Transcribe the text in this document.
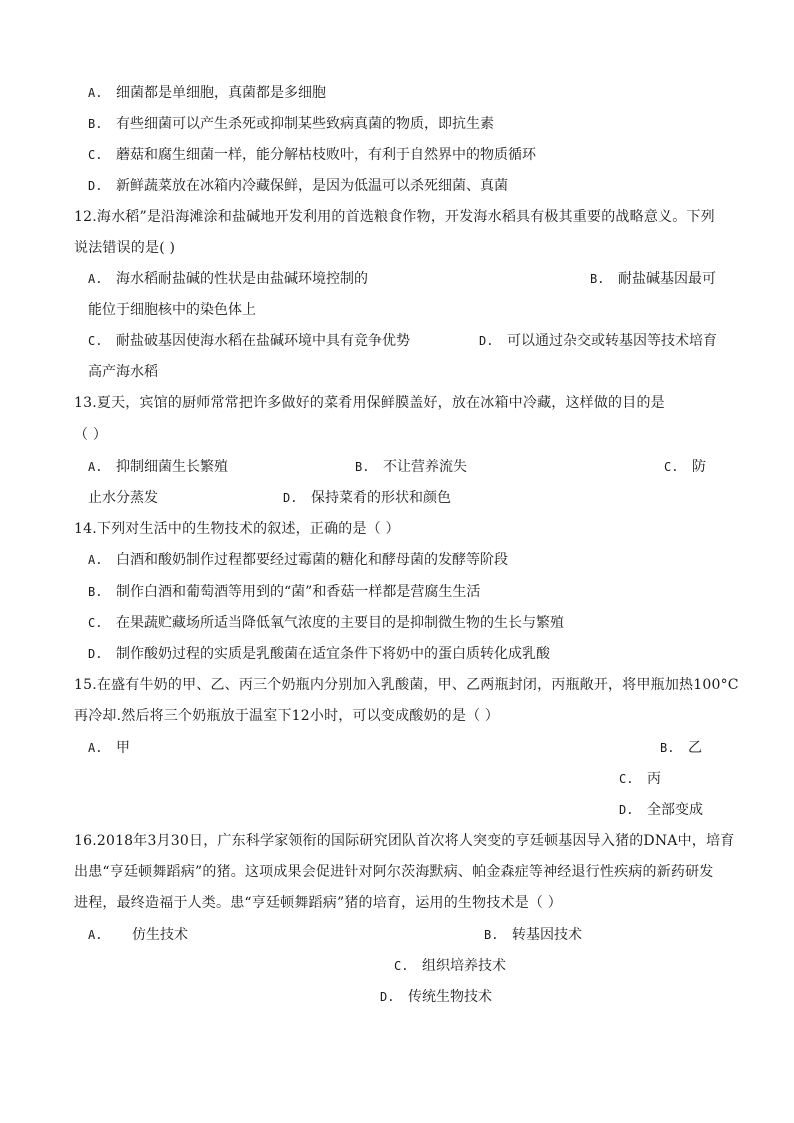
A. 细菌都是单细胞，真菌都是多细胞
B. 有些细菌可以产生杀死或抑制某些致病真菌的物质，即抗生素
C. 蘑菇和腐生细菌一样，能分解枯枝败叶，有利于自然界中的物质循环
D. 新鲜蔬菜放在冰箱内冷藏保鲜，是因为低温可以杀死细菌、真菌
12.海水稻”是沿海滩涂和盐碱地开发利用的首选粮食作物，开发海水稻具有极其重要的战略意义。下列
说法错误的是( )
A. 海水稻耐盐碱的性状是由盐碱环境控制的	B. 耐盐碱基因最可
能位于细胞核中的染色体上
C. 耐盐破基因使海水稻在盐碱环境中具有竞争优势	D. 可以通过杂交或转基因等技术培育
高产海水稻
13.夏天，宾馆的厨师常常把许多做好的菜肴用保鲜膜盖好，放在冰箱中冷藏，这样做的目的是
（ ）
A. 抑制细菌生长繁殖	B. 不让营养流失	C. 防
止水分蒸发	D. 保持菜肴的形状和颜色
14.下列对生活中的生物技术的叙述，正确的是（ ）
A. 白酒和酸奶制作过程都要经过霉菌的糖化和酵母菌的发酵等阶段
B. 制作白酒和葡萄酒等用到的“菌”和香菇一样都是营腐生生活
C. 在果蔬贮藏场所适当降低氧气浓度的主要目的是抑制微生物的生长与繁殖
D. 制作酸奶过程的实质是乳酸菌在适宜条件下将奶中的蛋白质转化成乳酸
15.在盛有牛奶的甲、乙、丙三个奶瓶内分别加入乳酸菌，甲、乙两瓶封闭，丙瓶敞开，将甲瓶加热100°C
再冷却.然后将三个奶瓶放于温室下12小时，可以变成酸奶的是（ ）
A. 甲	B. 乙
C. 丙
D. 全部变成
16.2018年3月30日，广东科学家领衔的国际研究团队首次将人突变的亨廷顿基因导入猪的DNA中，培育
出患“亨廷顿舞蹈病”的猪。这项成果会促进针对阿尔茨海默病、帕金森症等神经退行性疾病的新药研发
进程，最终造福于人类。患“亨廷顿舞蹈病”猪的培育，运用的生物技术是（ ）
A. 仿生技术	B. 转基因技术
C. 组织培养技术
D. 传统生物技术
